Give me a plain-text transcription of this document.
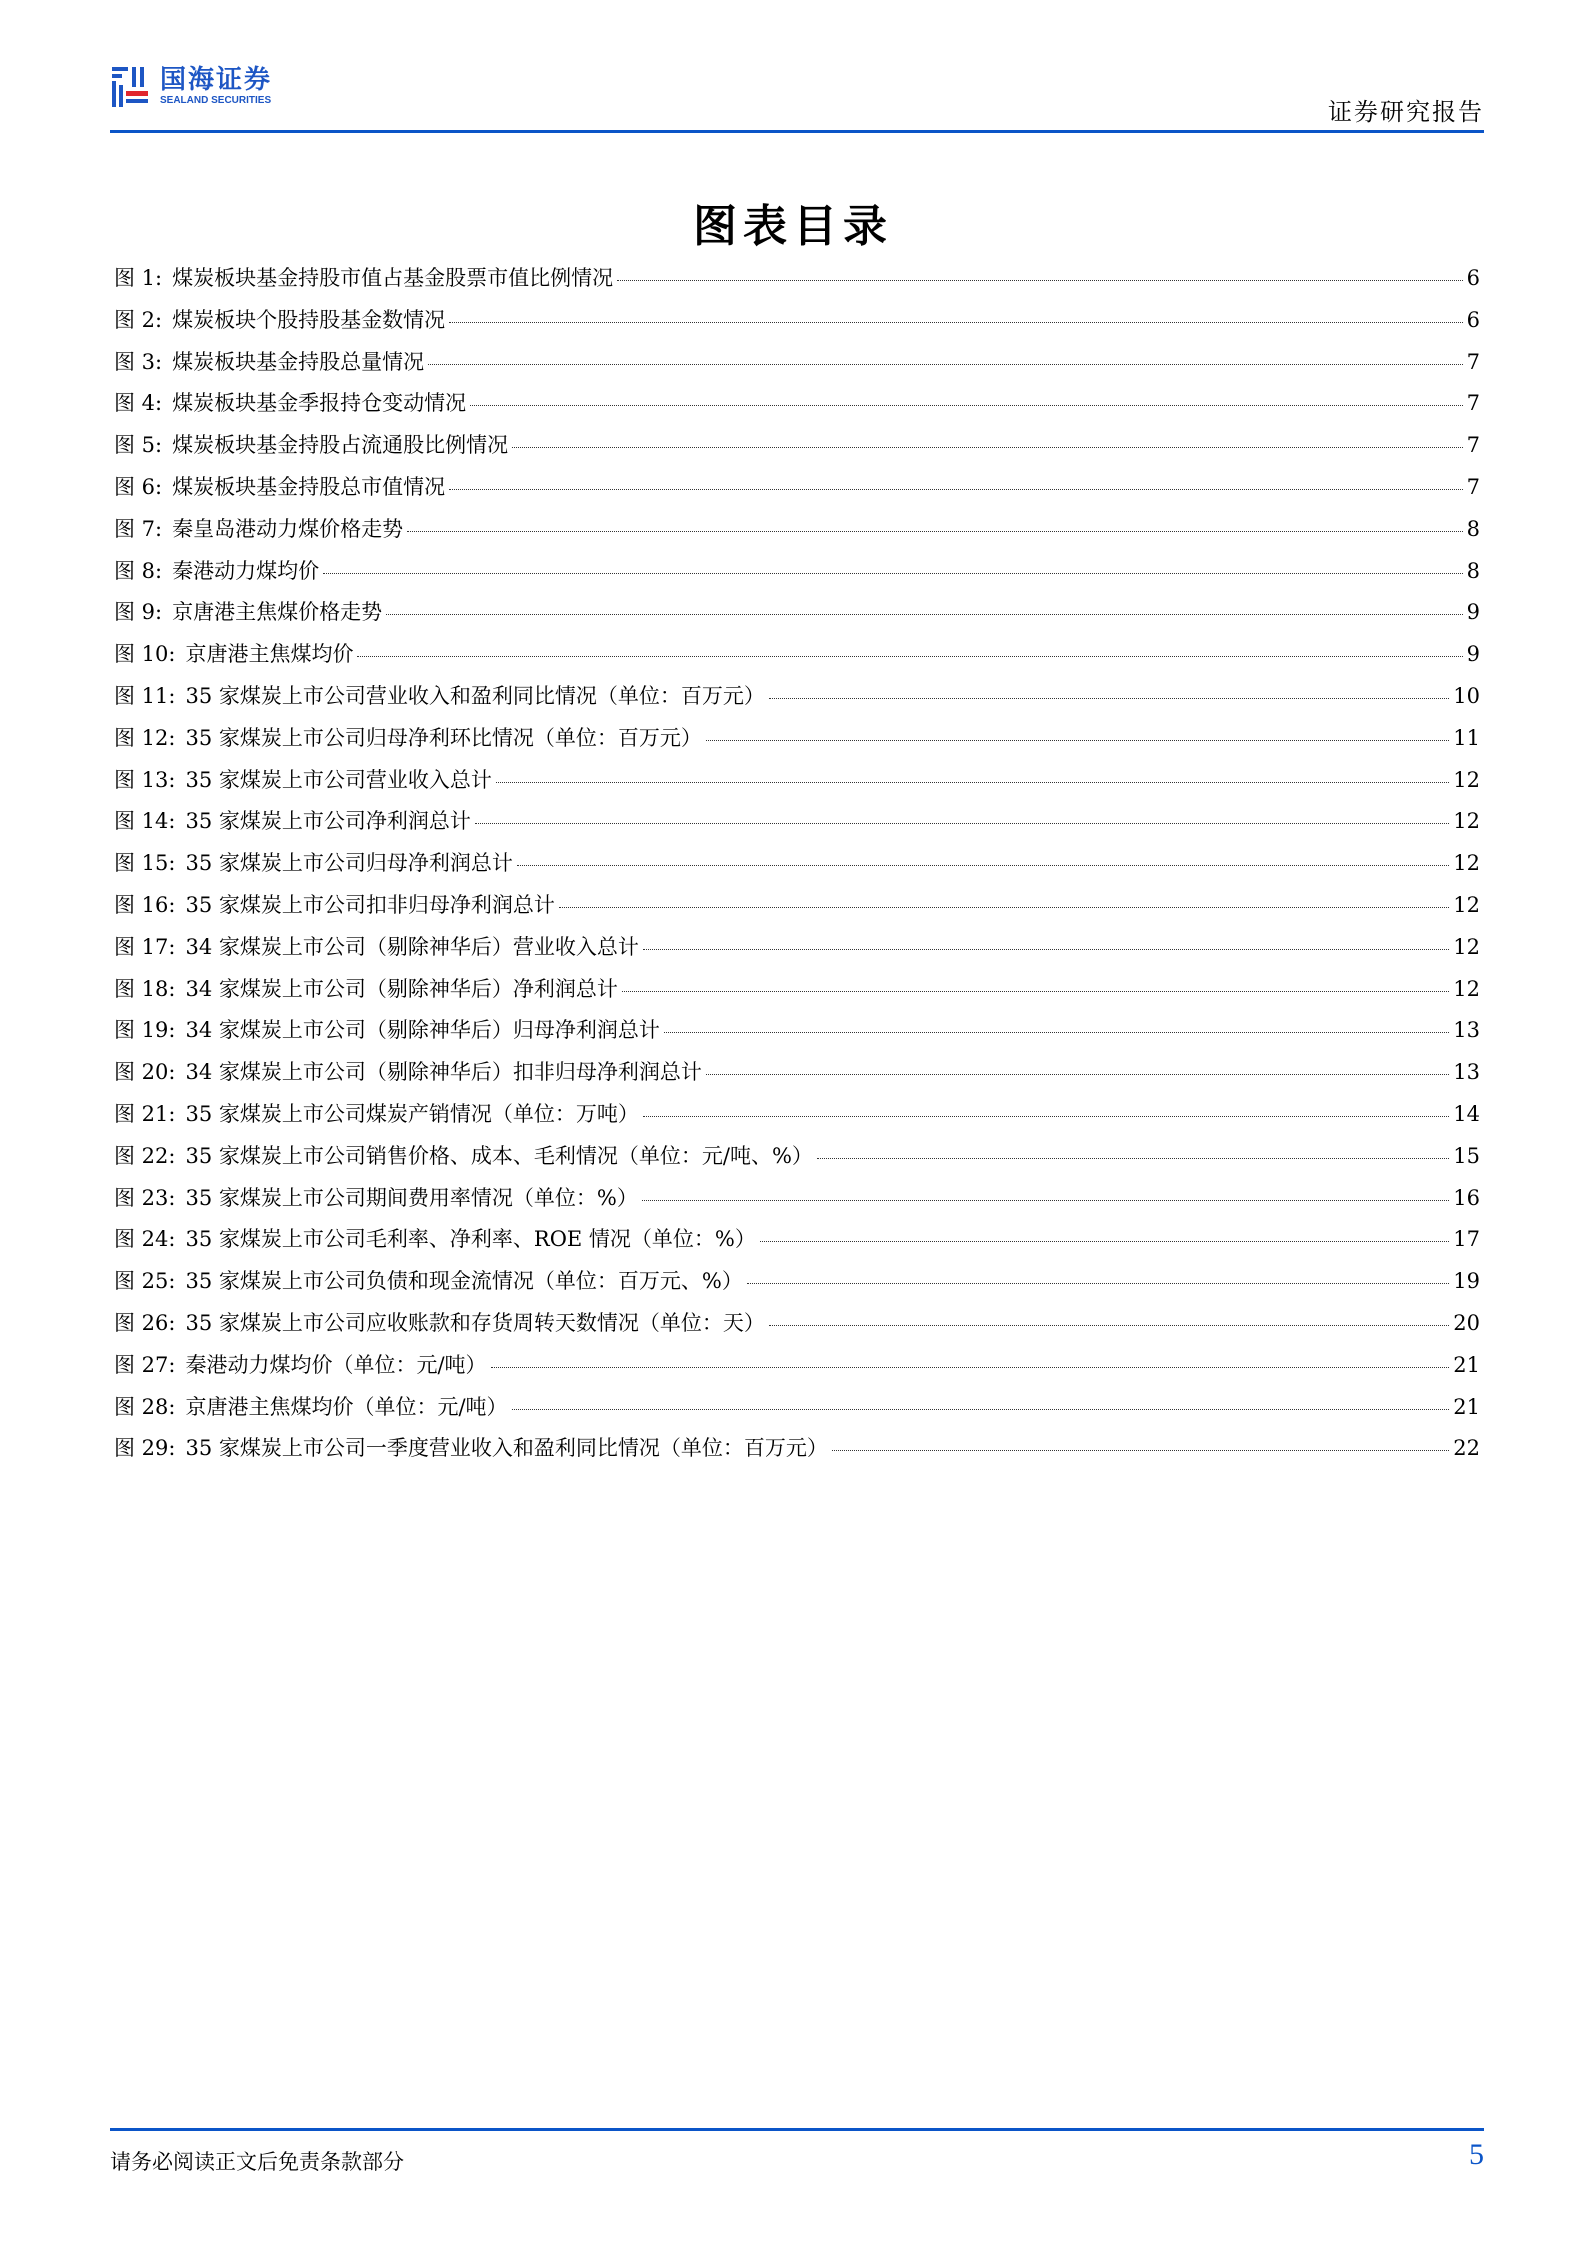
国海证券
SEALAND SECURITIES	证券研究报告
图表目录
图 1: 煤炭板块基金持股市值占基金股票市值比例情况	6
图 2: 煤炭板块个股持股基金数情况	6
图 3: 煤炭板块基金持股总量情况	7
图 4: 煤炭板块基金季报持仓变动情况	7
图 5: 煤炭板块基金持股占流通股比例情况	7
图 6: 煤炭板块基金持股总市值情况	7
图 7: 秦皇岛港动力煤价格走势	8
图 8: 秦港动力煤均价	8
图 9: 京唐港主焦煤价格走势	9
图 10: 京唐港主焦煤均价	9
图 11: 35 家煤炭上市公司营业收入和盈利同比情况（单位：百万元）	10
图 12: 35 家煤炭上市公司归母净利环比情况（单位：百万元）	11
图 13: 35 家煤炭上市公司营业收入总计	12
图 14: 35 家煤炭上市公司净利润总计	12
图 15: 35 家煤炭上市公司归母净利润总计	12
图 16: 35 家煤炭上市公司扣非归母净利润总计	12
图 17: 34 家煤炭上市公司（剔除神华后）营业收入总计	12
图 18: 34 家煤炭上市公司（剔除神华后）净利润总计	12
图 19: 34 家煤炭上市公司（剔除神华后）归母净利润总计	13
图 20: 34 家煤炭上市公司（剔除神华后）扣非归母净利润总计	13
图 21: 35 家煤炭上市公司煤炭产销情况（单位：万吨）	14
图 22: 35 家煤炭上市公司销售价格、成本、毛利情况（单位：元/吨、%）	15
图 23: 35 家煤炭上市公司期间费用率情况（单位：%）	16
图 24: 35 家煤炭上市公司毛利率、净利率、ROE 情况（单位：%）	17
图 25: 35 家煤炭上市公司负债和现金流情况（单位：百万元、%）	19
图 26: 35 家煤炭上市公司应收账款和存货周转天数情况（单位：天）	20
图 27: 秦港动力煤均价（单位：元/吨）	21
图 28: 京唐港主焦煤均价（单位：元/吨）	21
图 29: 35 家煤炭上市公司一季度营业收入和盈利同比情况（单位：百万元）	22
请务必阅读正文后免责条款部分	5
